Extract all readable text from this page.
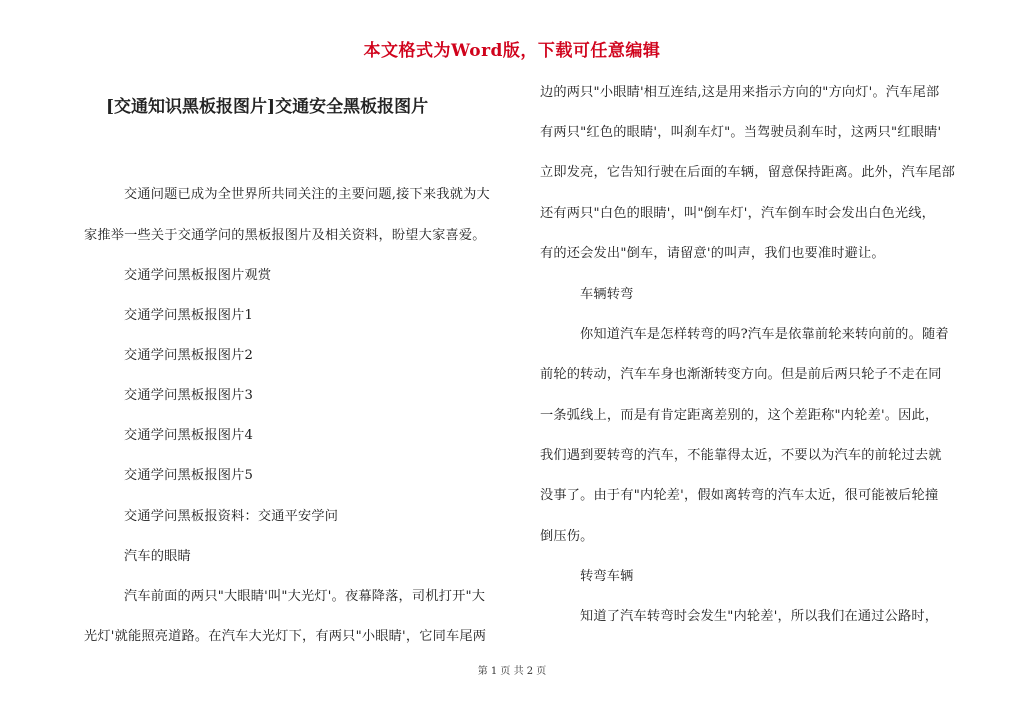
本文格式为Word版，下载可任意编辑
[交通知识黑板报图片]交通安全黑板报图片
交通问题已成为全世界所共同关注的主要问题,接下来我就为大
家推举一些关于交通学问的黑板报图片及相关资料，盼望大家喜爱。
交通学问黑板报图片观赏
交通学问黑板报图片1
交通学问黑板报图片2
交通学问黑板报图片3
交通学问黑板报图片4
交通学问黑板报图片5
交通学问黑板报资料：交通平安学问
汽车的眼睛
汽车前面的两只"大眼睛'叫"大光灯'。夜幕降落，司机打开"大
光灯'就能照亮道路。在汽车大光灯下，有两只"小眼睛'，它同车尾两
边的两只"小眼睛'相互连结,这是用来指示方向的"方向灯'。汽车尾部
有两只"红色的眼睛'，叫刹车灯"。当驾驶员刹车时，这两只"红眼睛'
立即发亮，它告知行驶在后面的车辆，留意保持距离。此外，汽车尾部
还有两只"白色的眼睛'，叫"倒车灯'，汽车倒车时会发出白色光线，
有的还会发出"倒车，请留意'的叫声，我们也要准时避让。
车辆转弯
你知道汽车是怎样转弯的吗?汽车是依靠前轮来转向前的。随着
前轮的转动，汽车车身也渐渐转变方向。但是前后两只轮子不走在同
一条弧线上，而是有肯定距离差别的，这个差距称"内轮差'。因此，
我们遇到要转弯的汽车，不能靠得太近，不要以为汽车的前轮过去就
没事了。由于有"内轮差'，假如离转弯的汽车太近，很可能被后轮撞
倒压伤。
转弯车辆
知道了汽车转弯时会发生"内轮差'，所以我们在通过公路时，
第 1 页 共 2 页
